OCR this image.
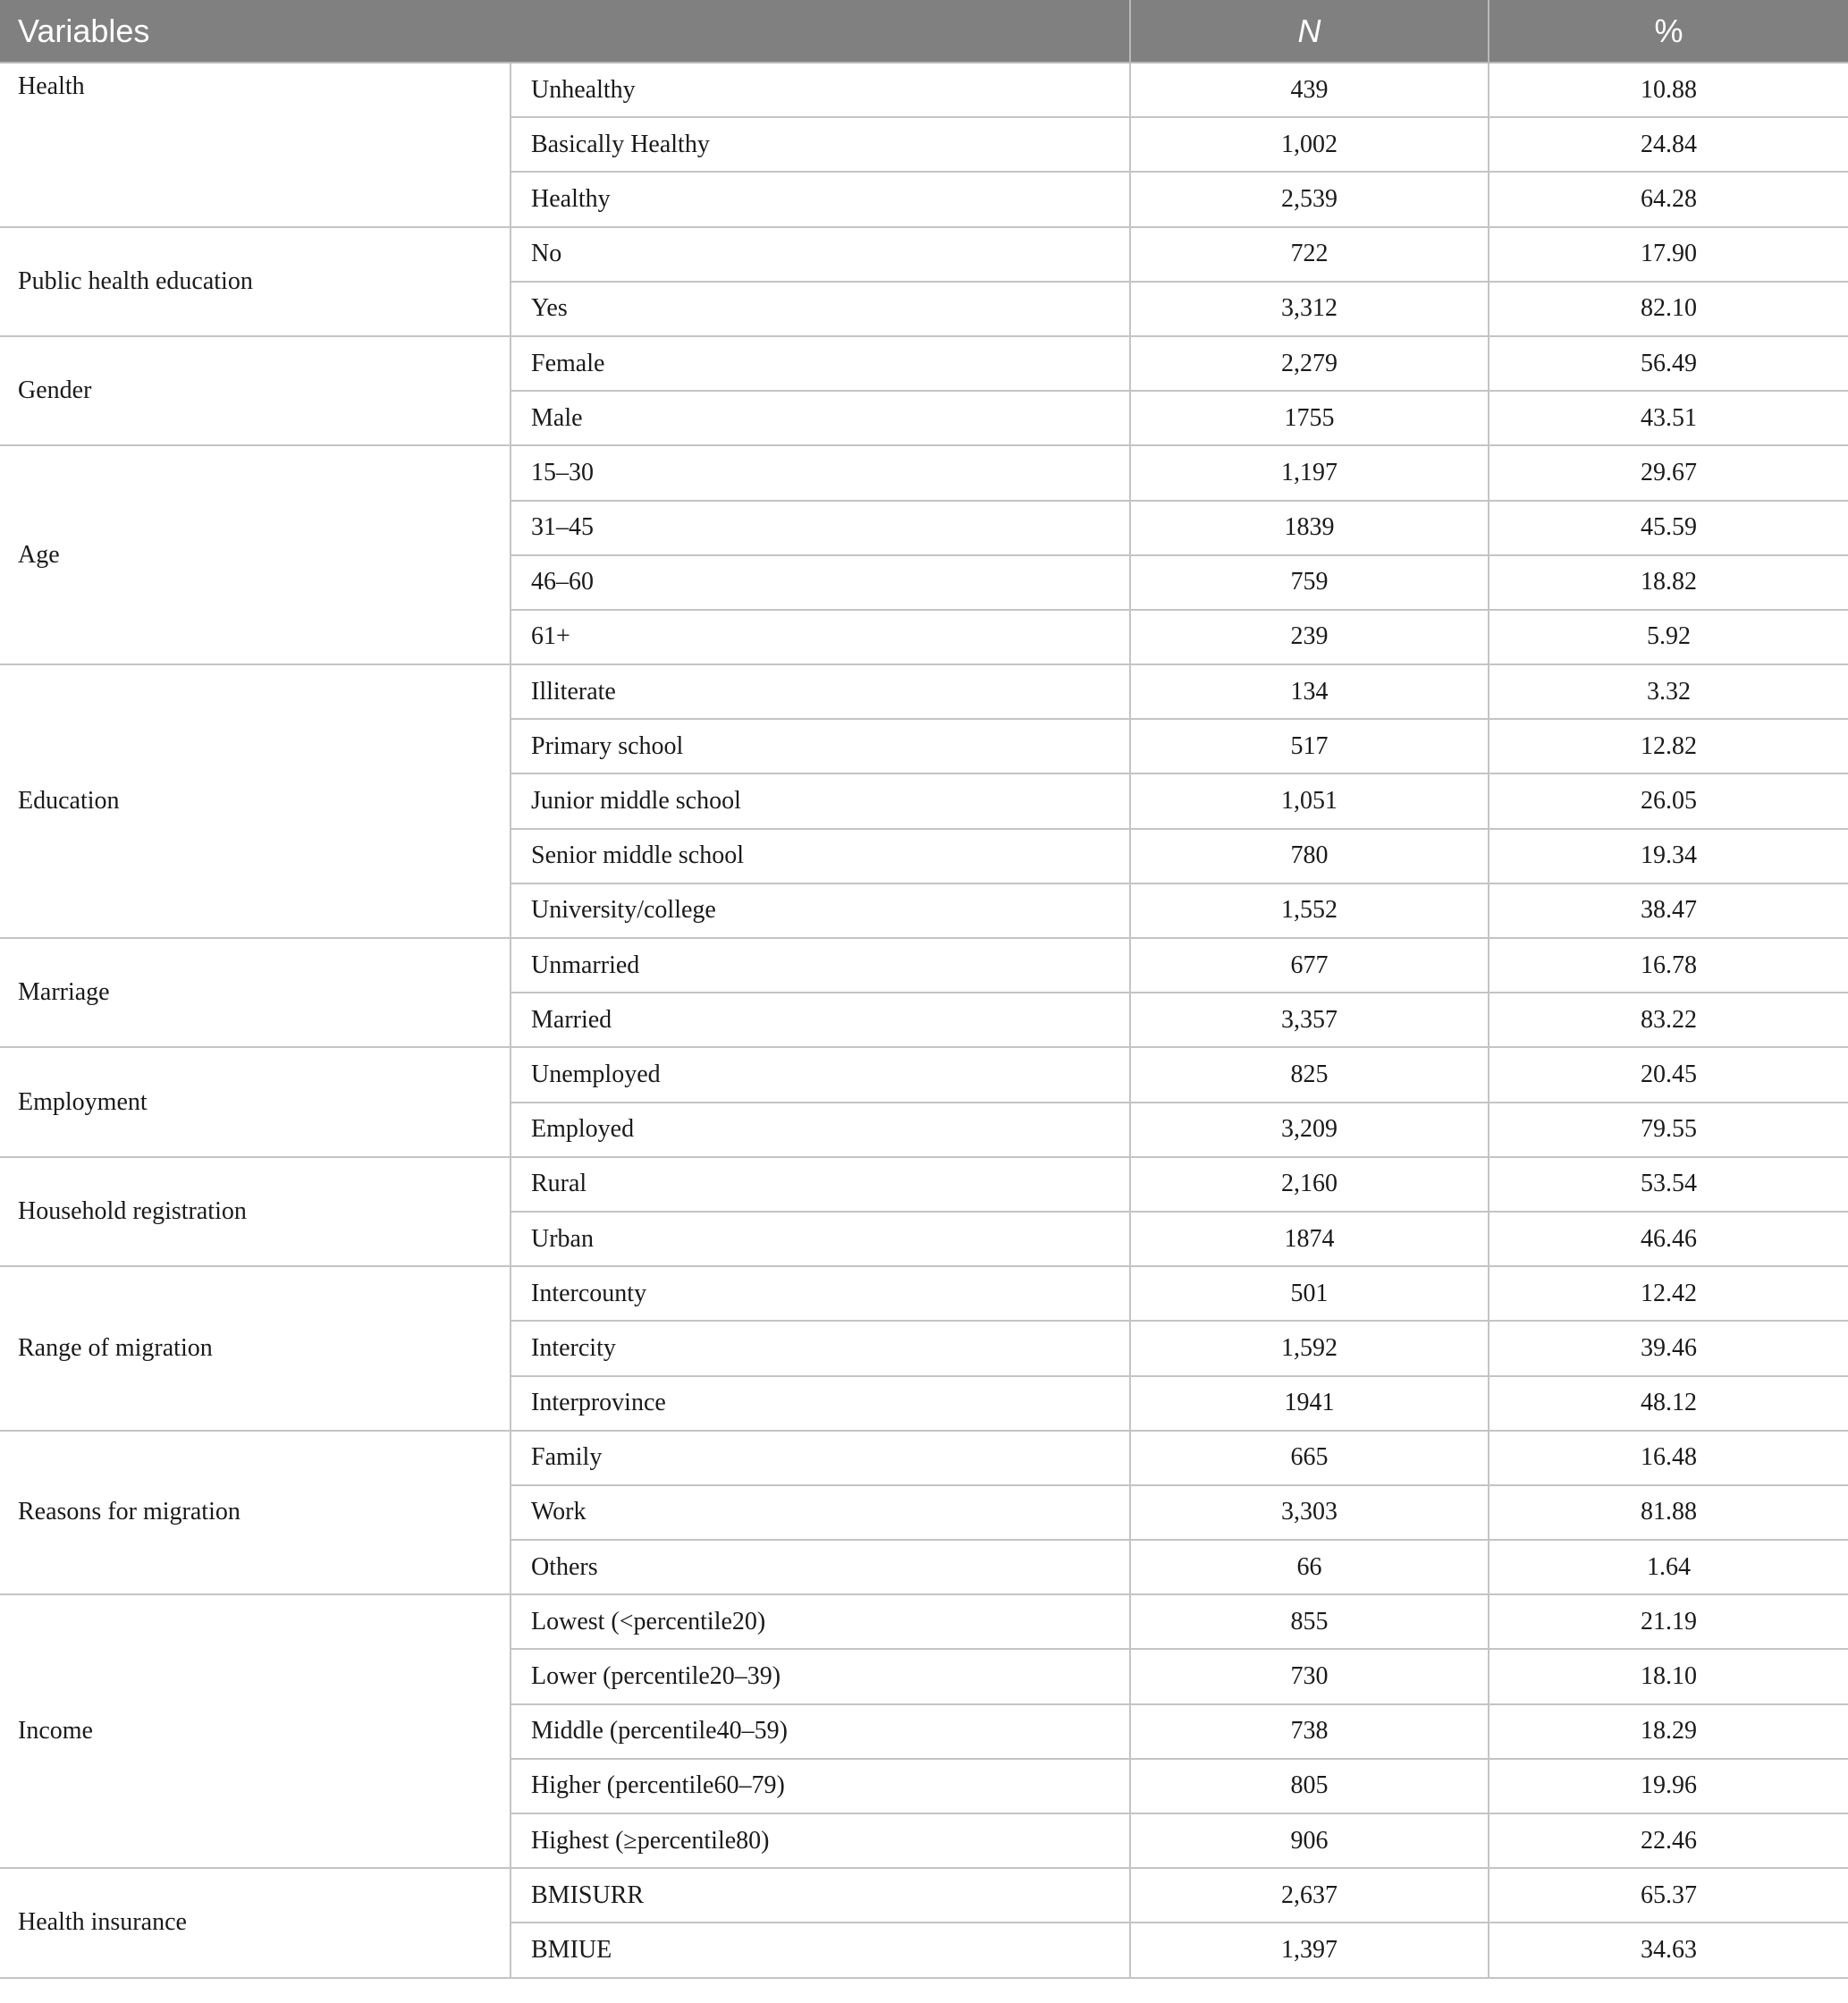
Variables		N	%
Health	Unhealthy	439	10.88
	Basically Healthy	1,002	24.84
	Healthy	2,539	64.28
Public health education	No	722	17.90
	Yes	3,312	82.10
Gender	Female	2,279	56.49
	Male	1755	43.51
Age	15–30	1,197	29.67
	31–45	1839	45.59
	46–60	759	18.82
	61+	239	5.92
Education	Illiterate	134	3.32
	Primary school	517	12.82
	Junior middle school	1,051	26.05
	Senior middle school	780	19.34
	University/college	1,552	38.47
Marriage	Unmarried	677	16.78
	Married	3,357	83.22
Employment	Unemployed	825	20.45
	Employed	3,209	79.55
Household registration	Rural	2,160	53.54
	Urban	1874	46.46
Range of migration	Intercounty	501	12.42
	Intercity	1,592	39.46
	Interprovince	1941	48.12
Reasons for migration	Family	665	16.48
	Work	3,303	81.88
	Others	66	1.64
Income	Lowest (<percentile20)	855	21.19
	Lower (percentile20–39)	730	18.10
	Middle (percentile40–59)	738	18.29
	Higher (percentile60–79)	805	19.96
	Highest (≥percentile80)	906	22.46
Health insurance	BMISURR	2,637	65.37
	BMIUE	1,397	34.63
